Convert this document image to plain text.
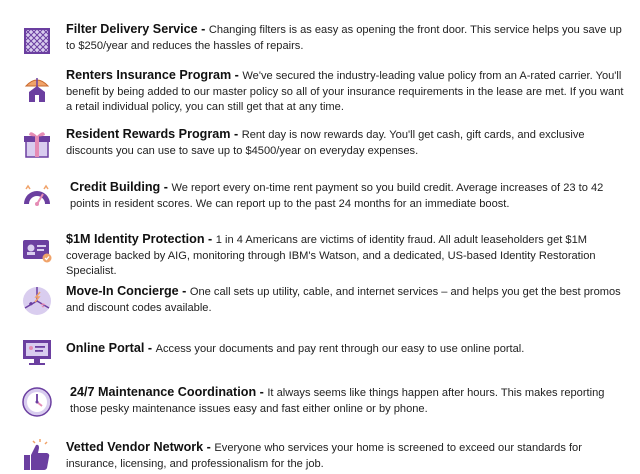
Filter Delivery Service - Changing filters is as easy as opening the front door. This service helps you save up to $250/year and reduces the hassles of repairs.
Renters Insurance Program - We've secured the industry-leading value policy from an A-rated carrier. You'll benefit by being added to our master policy so all of your insurance requirements in the lease are met. If you want a retail individual policy, you can still get that at any time.
Resident Rewards Program - Rent day is now rewards day. You'll get cash, gift cards, and exclusive discounts you can use to save up to $4500/year on everyday expenses.
Credit Building - We report every on-time rent payment so you build credit. Average increases of 23 to 42 points in resident scores. We can report up to the past 24 months for an immediate boost.
$1M Identity Protection - 1 in 4 Americans are victims of identity fraud. All adult leaseholders get $1M coverage backed by AIG, monitoring through IBM's Watson, and a dedicated, US-based Identity Restoration Specialist.
Move-In Concierge - One call sets up utility, cable, and internet services – and helps you get the best promos and discount codes available.
Online Portal - Access your documents and pay rent through our easy to use online portal.
24/7 Maintenance Coordination - It always seems like things happen after hours. This makes reporting those pesky maintenance issues easy and fast either online or by phone.
Vetted Vendor Network - Everyone who services your home is screened to exceed our standards for insurance, licensing, and professionalism for the job.
